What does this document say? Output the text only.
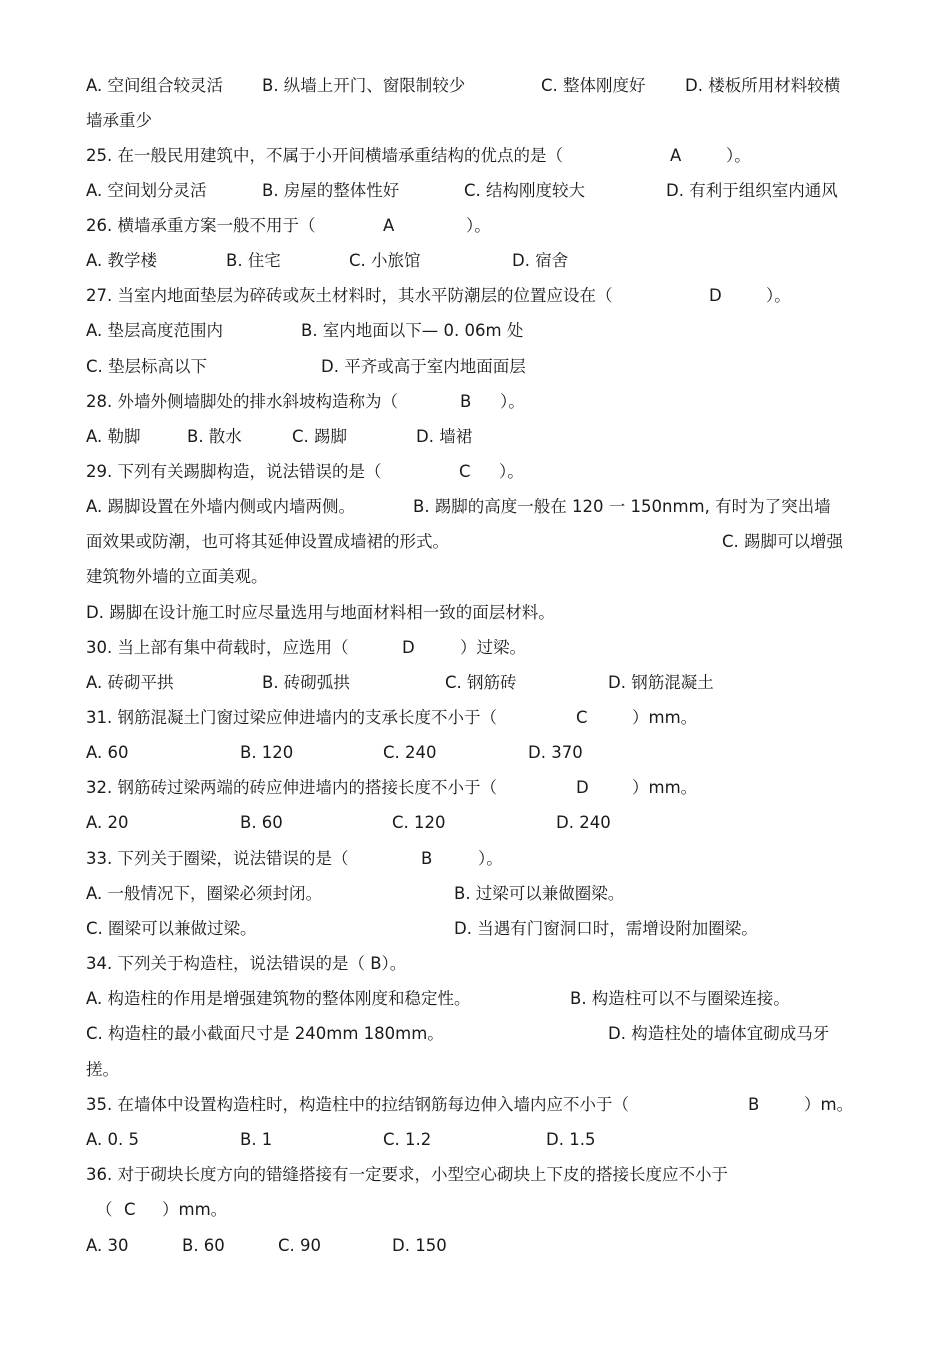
A. 空间组合较灵活 B. 纵墙上开门、窗限制较少	C. 整体刚度好 D. 楼板所用材料较横
墙承重少
25. 在一般民用建筑中，不属于小开间横墙承重结构的优点的是（	A	）。
A. 空间划分灵活	B. 房屋的整体性好	C. 结构刚度较大	D. 有利于组织室内通风
26. 横墙承重方案一般不用于（	A	）。
A. 教学楼	B. 住宅	C. 小旅馆	D. 宿舍
27. 当室内地面垫层为碎砖或灰土材料时，其水平防潮层的位置应设在（	D	）。
A. 垫层高度范围内	B. 室内地面以下— 0. 06m 处
C. 垫层标高以下	D. 平齐或高于室内地面面层
28. 外墙外侧墙脚处的排水斜坡构造称为（	B ）。
A. 勒脚	B. 散水	C. 踢脚	D. 墙裙
29. 下列有关踢脚构造，说法错误的是（	C ）。
A. 踢脚设置在外墙内侧或内墙两侧。	B. 踢脚的高度一般在 120 一 150nmm, 有时为了突出墙
面效果或防潮，也可将其延伸设置成墙裙的形式。	C. 踢脚可以增强
建筑物外墙的立面美观。
D. 踢脚在设计施工时应尽量选用与地面材料相一致的面层材料。
30. 当上部有集中荷载时，应选用（	D	）过梁。
A. 砖砌平拱	B. 砖砌弧拱	C. 钢筋砖	D. 钢筋混凝土
31. 钢筋混凝土门窗过梁应伸进墙内的支承长度不小于（	C	）mm。
A. 60	B. 120	C. 240	D. 370
32. 钢筋砖过梁两端的砖应伸进墙内的搭接长度不小于（	D	）mm。
A. 20	B. 60	C. 120	D. 240
33. 下列关于圈梁，说法错误的是（	B	）。
A. 一般情况下，圈梁必须封闭。	B. 过梁可以兼做圈梁。
C. 圈梁可以兼做过梁。	D. 当遇有门窗洞口时，需增设附加圈梁。
34. 下列关于构造柱，说法错误的是（ B）。
A. 构造柱的作用是增强建筑物的整体刚度和稳定性。	B. 构造柱可以不与圈梁连接。
C. 构造柱的最小截面尺寸是 240mm 180mm。	D. 构造柱处的墙体宜砌成马牙
搓。
35. 在墙体中设置构造柱时，构造柱中的拉结钢筋每边伸入墙内应不小于（	B	）m。
A. 0. 5	B. 1	C. 1.2	D. 1.5
36. 对于砌块长度方向的错缝搭接有一定要求，小型空心砌块上下皮的搭接长度应不小于
（ C ）mm。
A. 30	B. 60	C. 90	D. 150
